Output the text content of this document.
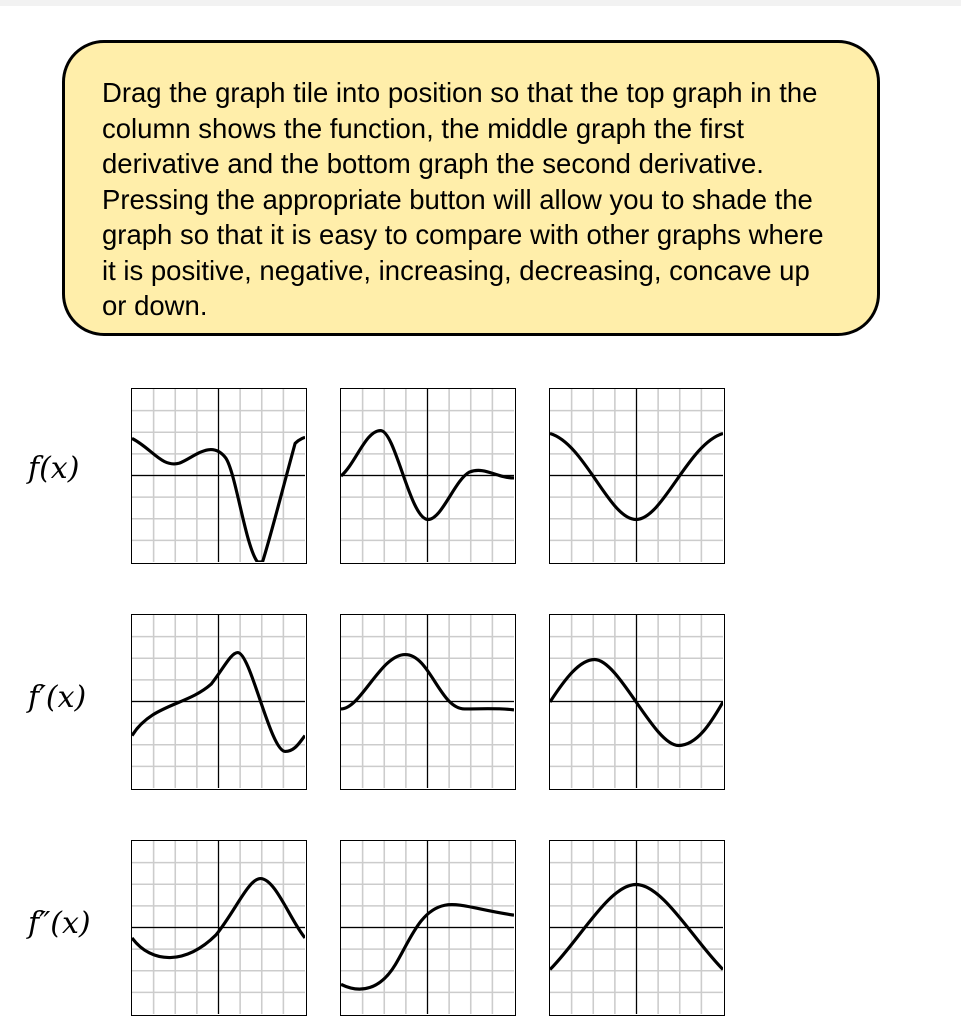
Drag the graph tile into position so that the top graph in the column shows the function, the middle graph the first derivative and the bottom graph the second derivative. Pressing the appropriate button will allow you to shade the graph so that it is easy to compare with other graphs where it is positive, negative, increasing, decreasing, concave up or down.
f(x)
f′(x)
f″(x)
